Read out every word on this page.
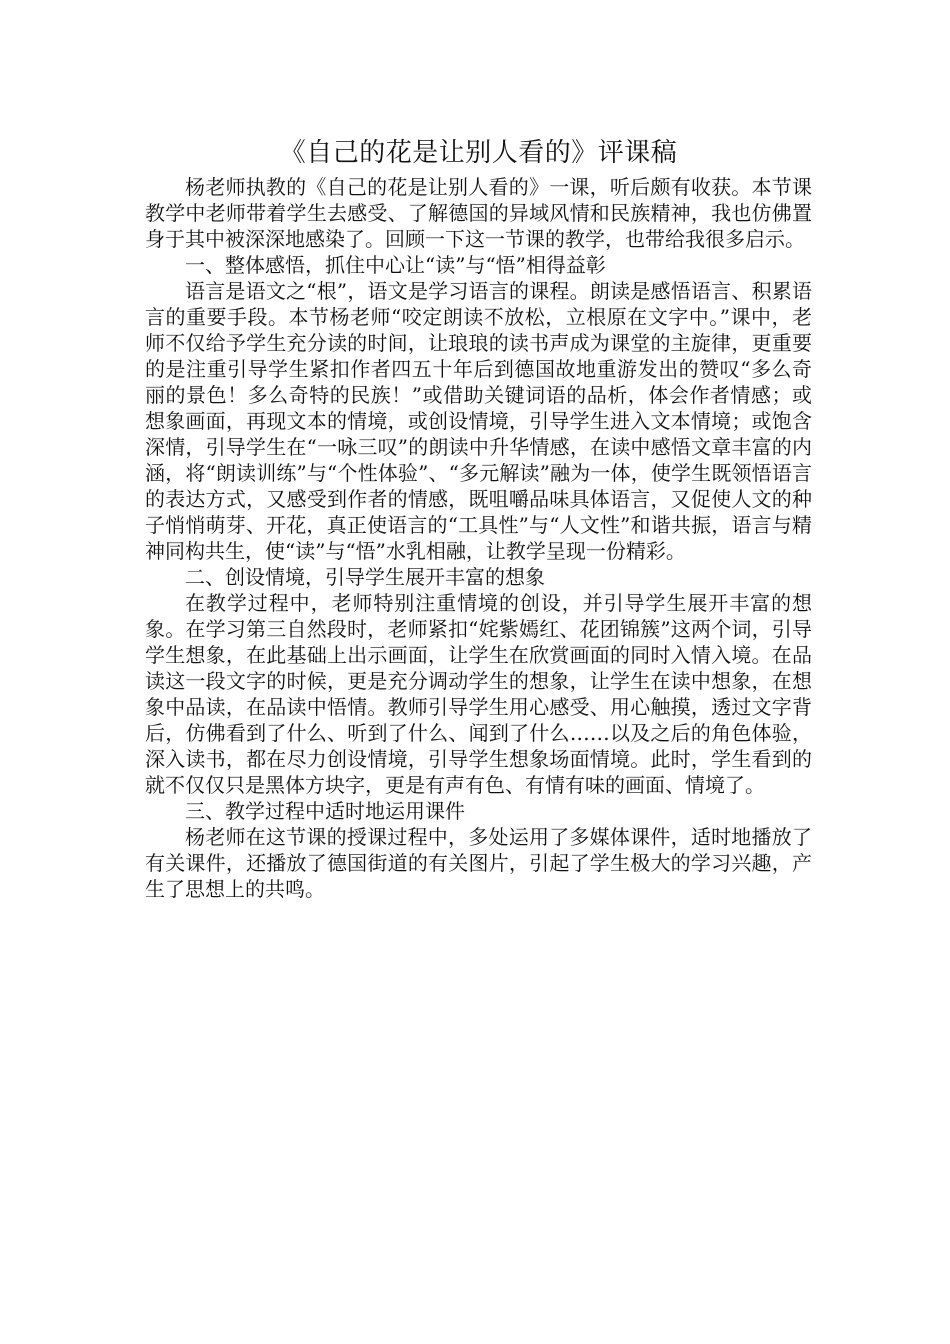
《自己的花是让别人看的》评课稿

杨老师执教的《自己的花是让别人看的》一课，听后颇有收获。本节课教学中老师带着学生去感受、了解德国的异域风情和民族精神，我也仿佛置身于其中被深深地感染了。回顾一下这一节课的教学，也带给我很多启示。

一、整体感悟，抓住中心让“读”与“悟”相得益彰

语言是语文之“根”，语文是学习语言的课程。朗读是感悟语言、积累语言的重要手段。本节杨老师“咬定朗读不放松，立根原在文字中。”课中，老师不仅给予学生充分读的时间，让琅琅的读书声成为课堂的主旋律，更重要的是注重引导学生紧扣作者四五十年后到德国故地重游发出的赞叹“多么奇丽的景色！多么奇特的民族！”或借助关键词语的品析，体会作者情感；或想象画面，再现文本的情境，或创设情境，引导学生进入文本情境；或饱含深情，引导学生在“一咏三叹”的朗读中升华情感，在读中感悟文章丰富的内涵，将“朗读训练”与“个性体验”、“多元解读”融为一体，使学生既领悟语言的表达方式，又感受到作者的情感，既咀嚼品味具体语言，又促使人文的种子悄悄萌芽、开花，真正使语言的“工具性”与“人文性”和谐共振，语言与精神同构共生，使“读”与“悟”水乳相融，让教学呈现一份精彩。

二、创设情境，引导学生展开丰富的想象

在教学过程中，老师特别注重情境的创设，并引导学生展开丰富的想象。在学习第三自然段时，老师紧扣“姹紫嫣红、花团锦簇”这两个词，引导学生想象，在此基础上出示画面，让学生在欣赏画面的同时入情入境。在品读这一段文字的时候，更是充分调动学生的想象，让学生在读中想象，在想象中品读，在品读中悟情。教师引导学生用心感受、用心触摸，透过文字背后，仿佛看到了什么、听到了什么、闻到了什么……以及之后的角色体验，深入读书，都在尽力创设情境，引导学生想象场面情境。此时，学生看到的就不仅仅只是黑体方块字，更是有声有色、有情有味的画面、情境了。

三、教学过程中适时地运用课件

杨老师在这节课的授课过程中，多处运用了多媒体课件，适时地播放了有关课件，还播放了德国街道的有关图片，引起了学生极大的学习兴趣，产生了思想上的共鸣。
